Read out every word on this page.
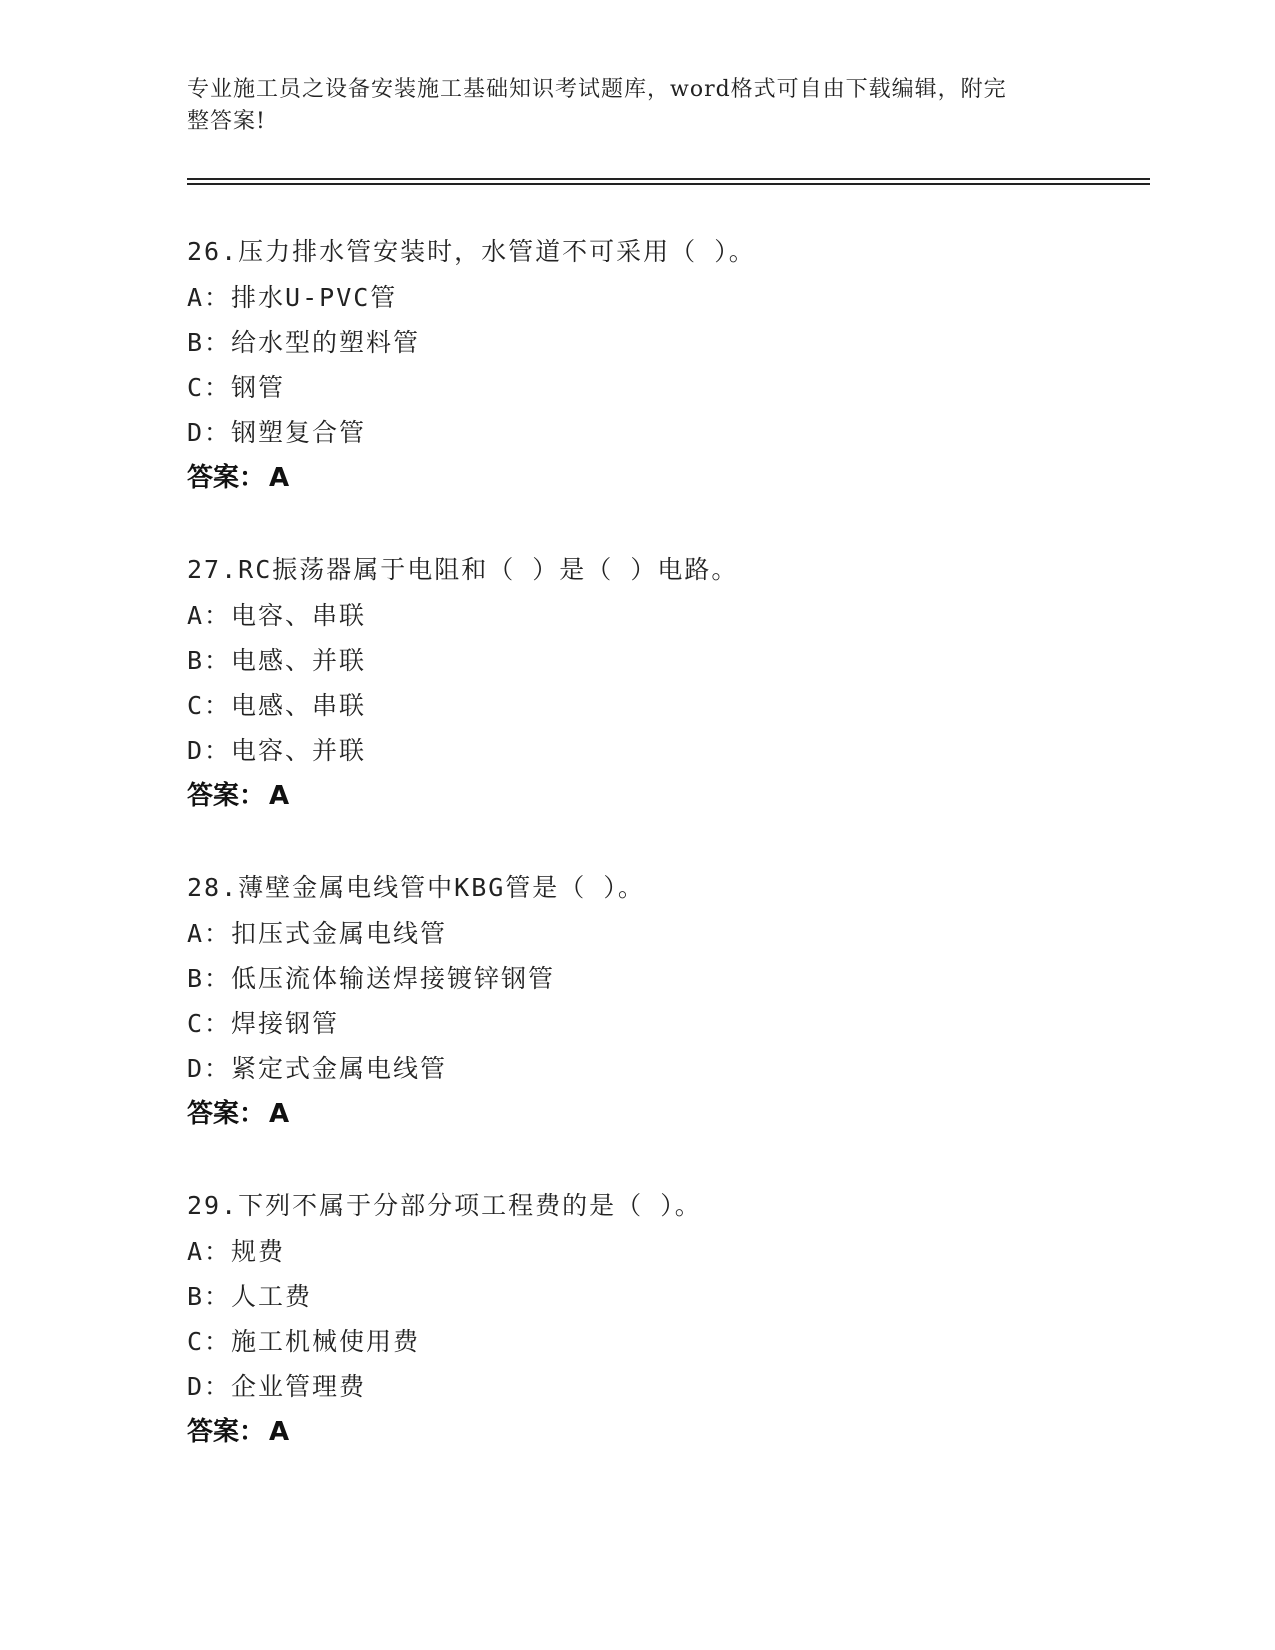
专业施工员之设备安装施工基础知识考试题库，word格式可自由下载编辑，附完
整答案!
26.压力排水管安装时，水管道不可采用（ ）。
A：排水U-PVC管
B：给水型的塑料管
C：钢管
D：钢塑复合管
答案： A
27.RC振荡器属于电阻和（ ）是（ ）电路。
A：电容、串联
B：电感、并联
C：电感、串联
D：电容、并联
答案： A
28.薄壁金属电线管中KBG管是（ ）。
A：扣压式金属电线管
B：低压流体输送焊接镀锌钢管
C：焊接钢管
D：紧定式金属电线管
答案： A
29.下列不属于分部分项工程费的是（ ）。
A：规费
B：人工费
C：施工机械使用费
D：企业管理费
答案： A
